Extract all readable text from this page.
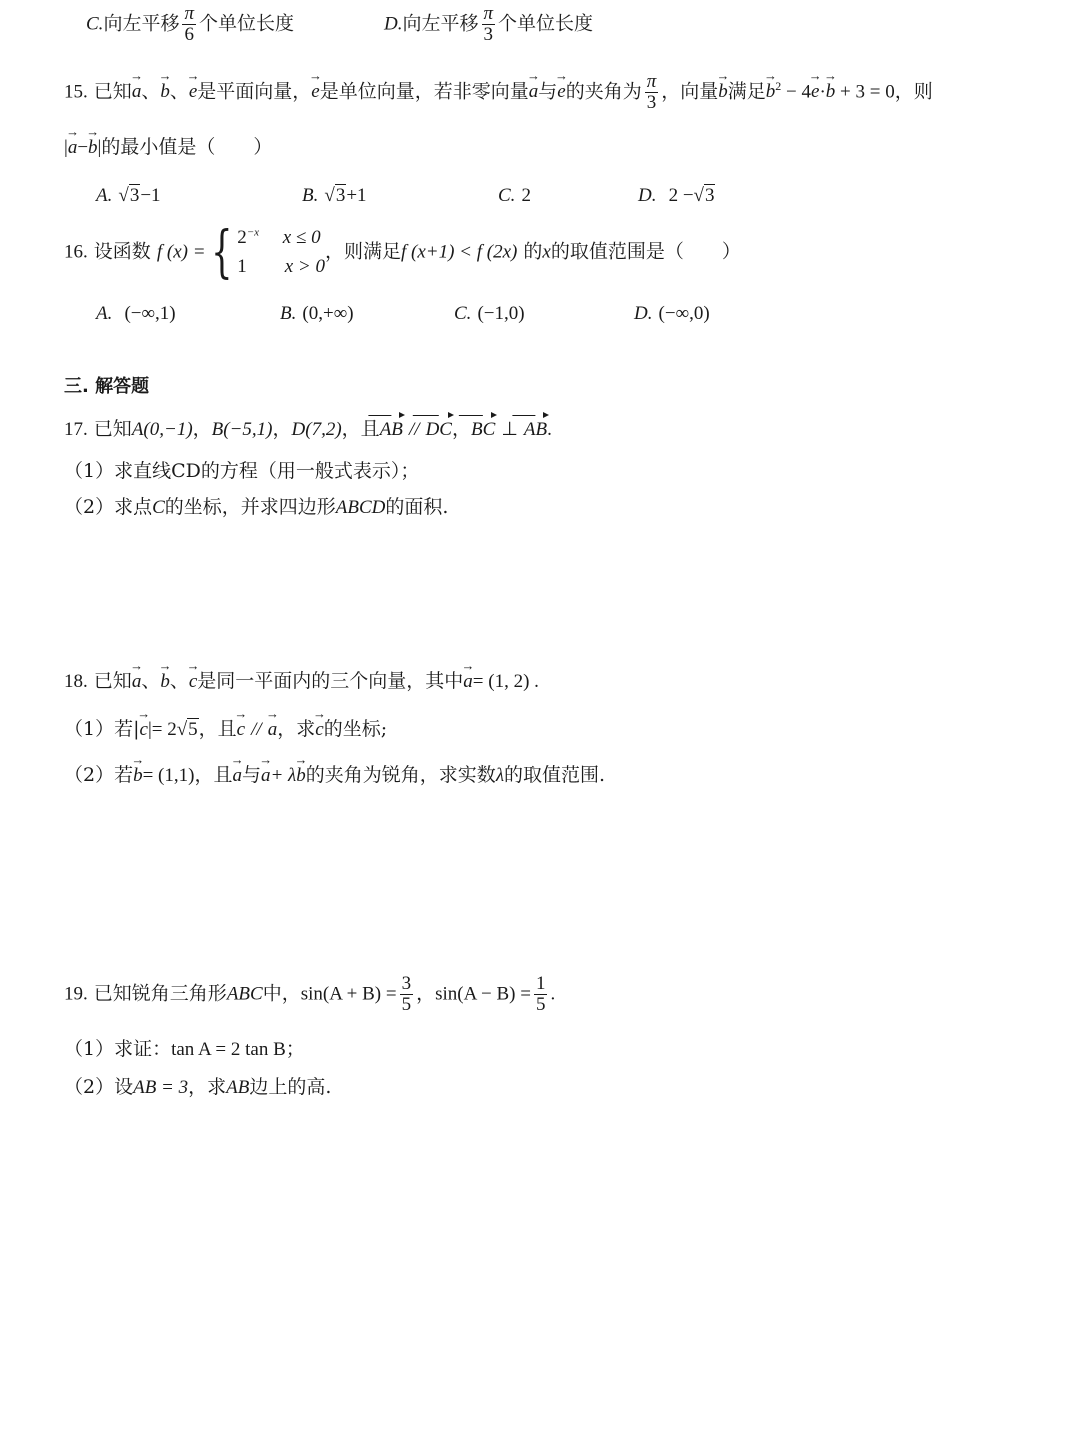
C.向左平移 $\frac{\pi}{6}$ 个单位长度	D.向左平移 $\frac{\pi}{3}$ 个单位长度
15. 已知→ a、→ b、→ e是平面向量，→ e是单位向量，若非零向量→ a与→ e的夹角为 $\frac{\pi}{3}$ ，向量→ b满足→ $b^2 - 4\to e\cdot\to b + 3 = 0$，则
|→ a−→ b|的最小值是（　　）
A. √3−1	B. √3+1	C. 2	D. 2 −√3
16. 设函数 f (x) ={ $2^{-x}$ x ≤ 0
1 x > 0
，则满足f (x+1) < f (2x) 的x的取值范围是（　　）
A. (−∞,1)	B. (0,+∞)	C. (−1,0)	D. (−∞,0)
三. 解答题
17. 已知A(0,−1)，B(−5,1)，D(7,2)，且AB // DC，BC ⊥ AB.
（1）求直线CD的方程（用一般式表示）；
（2）求点C的坐标，并求四边形ABCD的面积.
18. 已知→ a、→ b、→ c是同一平面内的三个向量，其中→ a= (1, 2) .
（1）若|→ c|= 2√5，且→ c // → a，求→ c的坐标;
（2）若→ b= (1,1)，且→ a与→ a+ λ→ b的夹角为锐角，求实数λ的取值范围.
19. 已知锐角三角形ABC中，$\sin(A + B) = \frac{3}{5}$ ，$\sin(A - B) = \frac{1}{5}$ .
（1）求证：tan A = 2 tan B；
（2）设AB = 3，求AB边上的高.
